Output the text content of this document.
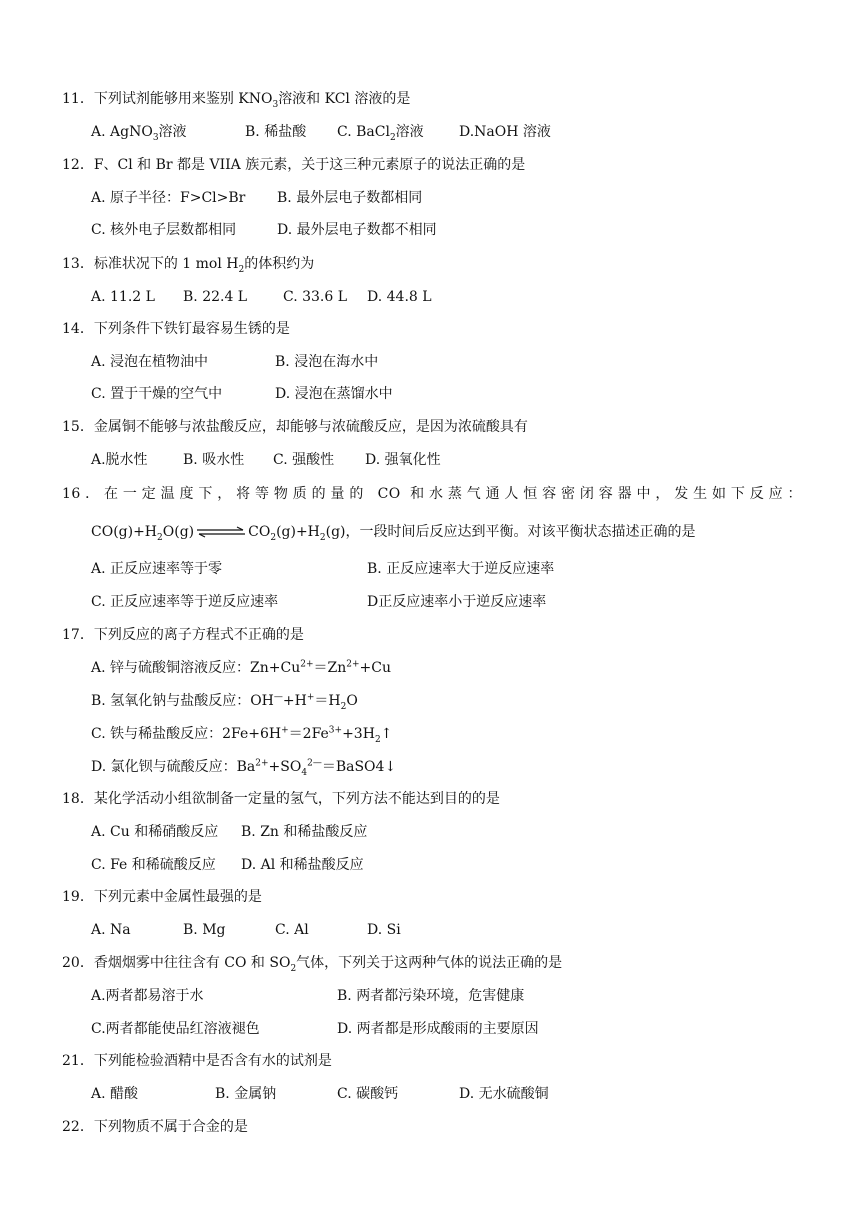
11．下列试剂能够用来鉴别 $KNO_3$溶液和 KCl 溶液的是
A. AgNO$_3$溶液	B. 稀盐酸 C. BaCl$_2$溶液	D.NaOH 溶液
12．F、Cl 和 Br 都是 VIIA 族元素，关于这三种元素原子的说法正确的是
A. 原子半径：F>Cl>Br B. 最外层电子数都相同
C. 核外电子层数都相同	D. 最外层电子数都不相同
13．标准状况下的 1 mol $H_2$的体积约为
A. 11.2 L B. 22.4 L	C. 33.6 L D. 44.8 L
14．下列条件下铁钉最容易生锈的是
A. 浸泡在植物油中	B. 浸泡在海水中
C. 置于干燥的空气中	D. 浸泡在蒸馏水中
15．金属铜不能够与浓盐酸反应，却能够与浓硫酸反应，是因为浓硫酸具有
A.脱水性	B. 吸水性 C. 强酸性 D. 强氧化性
16．在一定温度下，将等物质的量的 CO 和水蒸气通人恒容密闭容器中，发生如下反应：
$CO(g)+H_2O(g)\rightleftharpoons CO_2(g)+H_2(g)$，一段时间后反应达到平衡。对该平衡状态描述正确的是
A. 正反应速率等于零	B. 正反应速率大于逆反应速率
C. 正反应速率等于逆反应速率	D正反应速率小于逆反应速率
17．下列反应的离子方程式不正确的是
A. 锌与硫酸铜溶液反应：$Zn+Cu^{2+}=Zn^{2+}+Cu$
B. 氢氧化钠与盐酸反应：$OH^—+H^+=H_2O$
C. 铁与稀盐酸反应：$2Fe+6H^+=2Fe^{3+}+3H_2↑$
D. 氯化钡与硫酸反应：$Ba^{2+}+SO_4^{2—}=BaSO4↓$
18．某化学活动小组欲制备一定量的氢气，下列方法不能达到目的的是
A. Cu 和稀硝酸反应 B. Zn 和稀盐酸反应
C. Fe 和稀硫酸反应 D. Al 和稀盐酸反应
19．下列元素中金属性最强的是
A. Na	B. Mg	C. Al	D. Si
20．香烟烟雾中往往含有 CO 和 $SO_2$气体，下列关于这两种气体的说法正确的是
A.两者都易溶于水	B. 两者都污染环境，危害健康
C.两者都能使品红溶液褪色	D. 两者都是形成酸雨的主要原因
21．下列能检验酒精中是否含有水的试剂是
A. 醋酸	B. 金属钠	C. 碳酸钙	D. 无水硫酸铜
22．下列物质不属于合金的是
